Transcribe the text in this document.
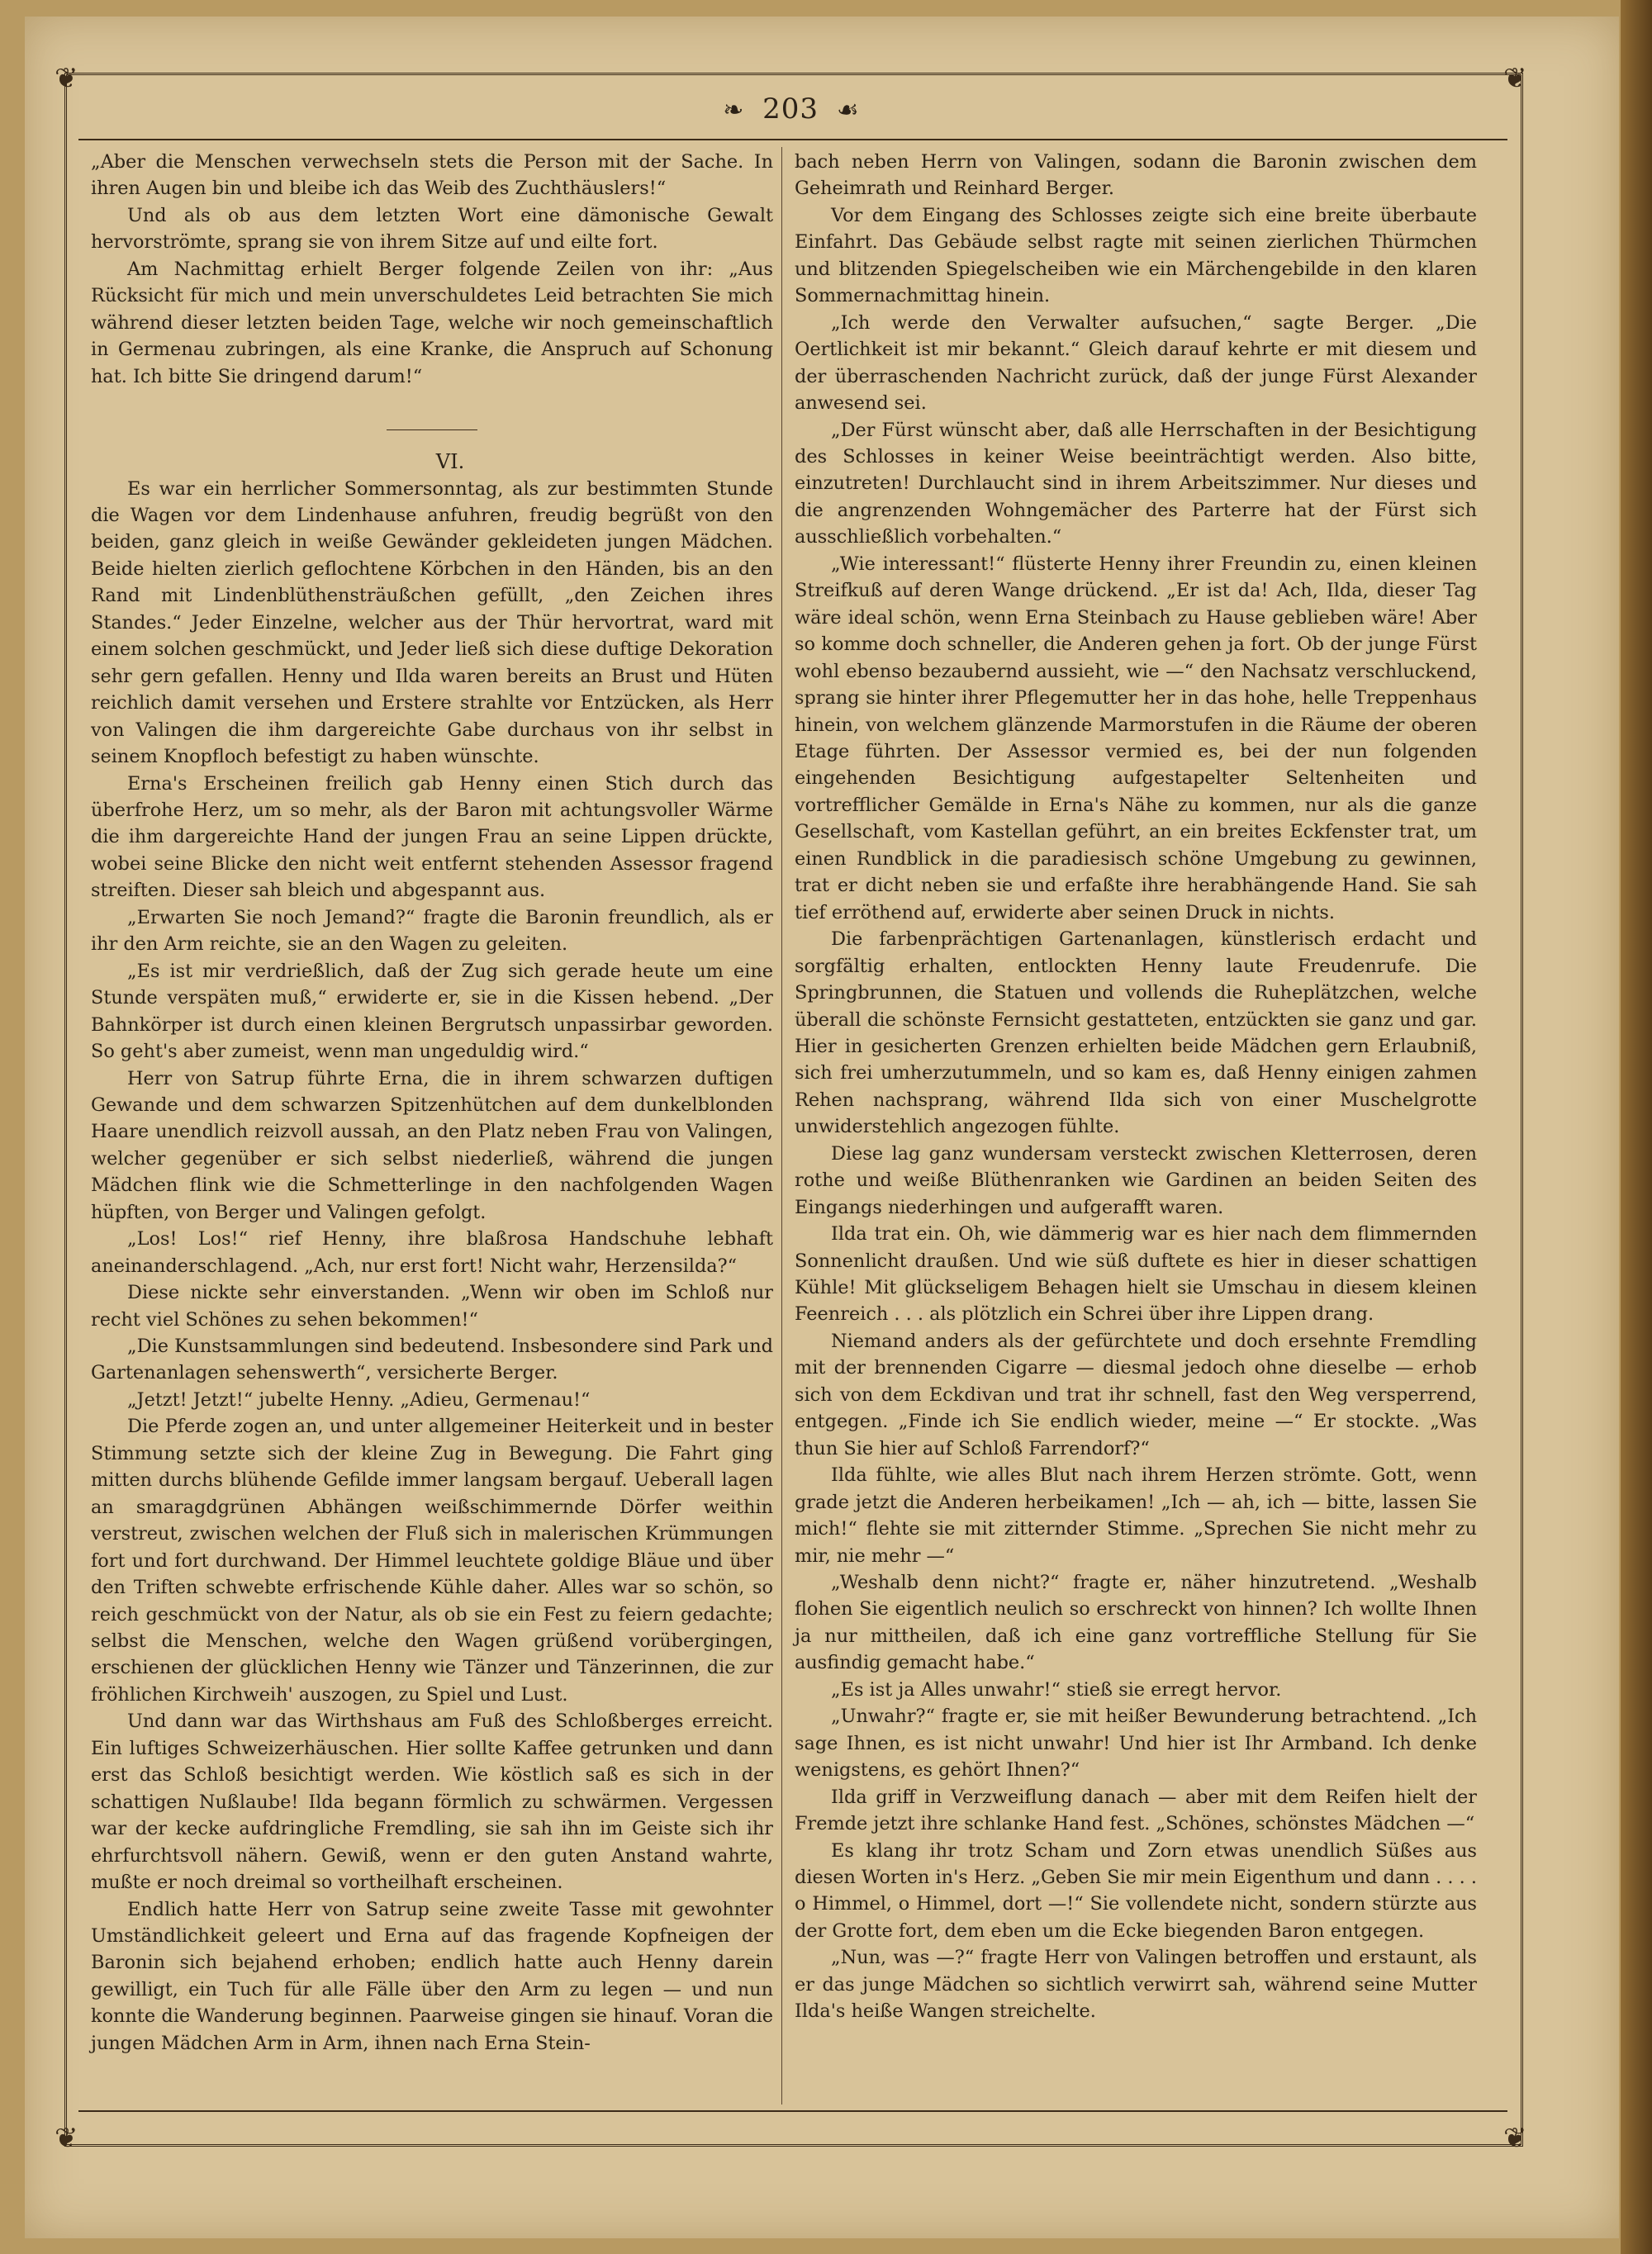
❦	❦
❦	❦
❧ 203 ☙

„Aber die Menschen verwechseln stets die Person mit der Sache. In ihren Augen bin und bleibe ich das Weib des Zuchthäuslers!“

Und als ob aus dem letzten Wort eine dämonische Gewalt hervorströmte, sprang sie von ihrem Sitze auf und eilte fort.

Am Nachmittag erhielt Berger folgende Zeilen von ihr: „Aus Rücksicht für mich und mein unverschuldetes Leid betrachten Sie mich während dieser letzten beiden Tage, welche wir noch gemeinschaftlich in Germenau zubringen, als eine Kranke, die Anspruch auf Schonung hat. Ich bitte Sie dringend darum!“

VI.

Es war ein herrlicher Sommersonntag, als zur bestimmten Stunde die Wagen vor dem Lindenhause anfuhren, freudig begrüßt von den beiden, ganz gleich in weiße Gewänder gekleideten jungen Mädchen. Beide hielten zierlich geflochtene Körbchen in den Händen, bis an den Rand mit Lindenblüthensträußchen gefüllt, „den Zeichen ihres Standes.“ Jeder Einzelne, welcher aus der Thür hervortrat, ward mit einem solchen geschmückt, und Jeder ließ sich diese duftige Dekoration sehr gern gefallen. Henny und Ilda waren bereits an Brust und Hüten reichlich damit versehen und Erstere strahlte vor Entzücken, als Herr von Valingen die ihm dargereichte Gabe durchaus von ihr selbst in seinem Knopfloch befestigt zu haben wünschte.

Erna's Erscheinen freilich gab Henny einen Stich durch das überfrohe Herz, um so mehr, als der Baron mit achtungsvoller Wärme die ihm dargereichte Hand der jungen Frau an seine Lippen drückte, wobei seine Blicke den nicht weit entfernt stehenden Assessor fragend streiften. Dieser sah bleich und abgespannt aus.

„Erwarten Sie noch Jemand?“ fragte die Baronin freundlich, als er ihr den Arm reichte, sie an den Wagen zu geleiten.

„Es ist mir verdrießlich, daß der Zug sich gerade heute um eine Stunde verspäten muß,“ erwiderte er, sie in die Kissen hebend. „Der Bahnkörper ist durch einen kleinen Bergrutsch unpassirbar geworden. So geht's aber zumeist, wenn man ungeduldig wird.“

Herr von Satrup führte Erna, die in ihrem schwarzen duftigen Gewande und dem schwarzen Spitzenhütchen auf dem dunkelblonden Haare unendlich reizvoll aussah, an den Platz neben Frau von Valingen, welcher gegenüber er sich selbst niederließ, während die jungen Mädchen flink wie die Schmetterlinge in den nachfolgenden Wagen hüpften, von Berger und Valingen gefolgt.

„Los! Los!“ rief Henny, ihre blaßrosa Handschuhe lebhaft aneinanderschlagend. „Ach, nur erst fort! Nicht wahr, Herzensilda?“

Diese nickte sehr einverstanden. „Wenn wir oben im Schloß nur recht viel Schönes zu sehen bekommen!“

„Die Kunstsammlungen sind bedeutend. Insbesondere sind Park und Gartenanlagen sehenswerth“, versicherte Berger.

„Jetzt! Jetzt!“ jubelte Henny. „Adieu, Germenau!“

Die Pferde zogen an, und unter allgemeiner Heiterkeit und in bester Stimmung setzte sich der kleine Zug in Bewegung. Die Fahrt ging mitten durchs blühende Gefilde immer langsam bergauf. Ueberall lagen an smaragdgrünen Abhängen weißschimmernde Dörfer weithin verstreut, zwischen welchen der Fluß sich in malerischen Krümmungen fort und fort durchwand. Der Himmel leuchtete goldige Bläue und über den Triften schwebte erfrischende Kühle daher. Alles war so schön, so reich geschmückt von der Natur, als ob sie ein Fest zu feiern gedachte; selbst die Menschen, welche den Wagen grüßend vorübergingen, erschienen der glücklichen Henny wie Tänzer und Tänzerinnen, die zur fröhlichen Kirchweih' auszogen, zu Spiel und Lust.

Und dann war das Wirthshaus am Fuß des Schloßberges erreicht. Ein luftiges Schweizerhäuschen. Hier sollte Kaffee getrunken und dann erst das Schloß besichtigt werden. Wie köstlich saß es sich in der schattigen Nußlaube! Ilda begann förmlich zu schwärmen. Vergessen war der kecke aufdringliche Fremdling, sie sah ihn im Geiste sich ihr ehrfurchtsvoll nähern. Gewiß, wenn er den guten Anstand wahrte, mußte er noch dreimal so vortheilhaft erscheinen.

Endlich hatte Herr von Satrup seine zweite Tasse mit gewohnter Umständlichkeit geleert und Erna auf das fragende Kopfneigen der Baronin sich bejahend erhoben; endlich hatte auch Henny darein gewilligt, ein Tuch für alle Fälle über den Arm zu legen — und nun konnte die Wanderung beginnen. Paarweise gingen sie hinauf. Voran die jungen Mädchen Arm in Arm, ihnen nach Erna Stein-

bach neben Herrn von Valingen, sodann die Baronin zwischen dem Geheimrath und Reinhard Berger.

Vor dem Eingang des Schlosses zeigte sich eine breite überbaute Einfahrt. Das Gebäude selbst ragte mit seinen zierlichen Thürmchen und blitzenden Spiegelscheiben wie ein Märchengebilde in den klaren Sommernachmittag hinein.

„Ich werde den Verwalter aufsuchen,“ sagte Berger. „Die Oertlichkeit ist mir bekannt.“ Gleich darauf kehrte er mit diesem und der überraschenden Nachricht zurück, daß der junge Fürst Alexander anwesend sei.

„Der Fürst wünscht aber, daß alle Herrschaften in der Besichtigung des Schlosses in keiner Weise beeinträchtigt werden. Also bitte, einzutreten! Durchlaucht sind in ihrem Arbeitszimmer. Nur dieses und die angrenzenden Wohngemächer des Parterre hat der Fürst sich ausschließlich vorbehalten.“

„Wie interessant!“ flüsterte Henny ihrer Freundin zu, einen kleinen Streifkuß auf deren Wange drückend. „Er ist da! Ach, Ilda, dieser Tag wäre ideal schön, wenn Erna Steinbach zu Hause geblieben wäre! Aber so komme doch schneller, die Anderen gehen ja fort. Ob der junge Fürst wohl ebenso bezaubernd aussieht, wie —“ den Nachsatz verschluckend, sprang sie hinter ihrer Pflegemutter her in das hohe, helle Treppenhaus hinein, von welchem glänzende Marmorstufen in die Räume der oberen Etage führten. Der Assessor vermied es, bei der nun folgenden eingehenden Besichtigung aufgestapelter Seltenheiten und vortrefflicher Gemälde in Erna's Nähe zu kommen, nur als die ganze Gesellschaft, vom Kastellan geführt, an ein breites Eckfenster trat, um einen Rundblick in die paradiesisch schöne Umgebung zu gewinnen, trat er dicht neben sie und erfaßte ihre herabhängende Hand. Sie sah tief erröthend auf, erwiderte aber seinen Druck in nichts.

Die farbenprächtigen Gartenanlagen, künstlerisch erdacht und sorgfältig erhalten, entlockten Henny laute Freudenrufe. Die Springbrunnen, die Statuen und vollends die Ruheplätzchen, welche überall die schönste Fernsicht gestatteten, entzückten sie ganz und gar. Hier in gesicherten Grenzen erhielten beide Mädchen gern Erlaubniß, sich frei umherzutummeln, und so kam es, daß Henny einigen zahmen Rehen nachsprang, während Ilda sich von einer Muschelgrotte unwiderstehlich angezogen fühlte.

Diese lag ganz wundersam versteckt zwischen Kletterrosen, deren rothe und weiße Blüthenranken wie Gardinen an beiden Seiten des Eingangs niederhingen und aufgerafft waren.

Ilda trat ein. Oh, wie dämmerig war es hier nach dem flimmernden Sonnenlicht draußen. Und wie süß duftete es hier in dieser schattigen Kühle! Mit glückseligem Behagen hielt sie Umschau in diesem kleinen Feenreich . . . als plötzlich ein Schrei über ihre Lippen drang.

Niemand anders als der gefürchtete und doch ersehnte Fremdling mit der brennenden Cigarre — diesmal jedoch ohne dieselbe — erhob sich von dem Eckdivan und trat ihr schnell, fast den Weg versperrend, entgegen. „Finde ich Sie endlich wieder, meine —“ Er stockte. „Was thun Sie hier auf Schloß Farrendorf?“

Ilda fühlte, wie alles Blut nach ihrem Herzen strömte. Gott, wenn grade jetzt die Anderen herbeikamen! „Ich — ah, ich — bitte, lassen Sie mich!“ flehte sie mit zitternder Stimme. „Sprechen Sie nicht mehr zu mir, nie mehr —“

„Weshalb denn nicht?“ fragte er, näher hinzutretend. „Weshalb flohen Sie eigentlich neulich so erschreckt von hinnen? Ich wollte Ihnen ja nur mittheilen, daß ich eine ganz vortreffliche Stellung für Sie ausfindig gemacht habe.“

„Es ist ja Alles unwahr!“ stieß sie erregt hervor.

„Unwahr?“ fragte er, sie mit heißer Bewunderung betrachtend. „Ich sage Ihnen, es ist nicht unwahr! Und hier ist Ihr Armband. Ich denke wenigstens, es gehört Ihnen?“

Ilda griff in Verzweiflung danach — aber mit dem Reifen hielt der Fremde jetzt ihre schlanke Hand fest. „Schönes, schönstes Mädchen —“

Es klang ihr trotz Scham und Zorn etwas unendlich Süßes aus diesen Worten in's Herz. „Geben Sie mir mein Eigenthum und dann . . . . o Himmel, o Himmel, dort —!“ Sie vollendete nicht, sondern stürzte aus der Grotte fort, dem eben um die Ecke biegenden Baron entgegen.

„Nun, was —?“ fragte Herr von Valingen betroffen und erstaunt, als er das junge Mädchen so sichtlich verwirrt sah, während seine Mutter Ilda's heiße Wangen streichelte.
